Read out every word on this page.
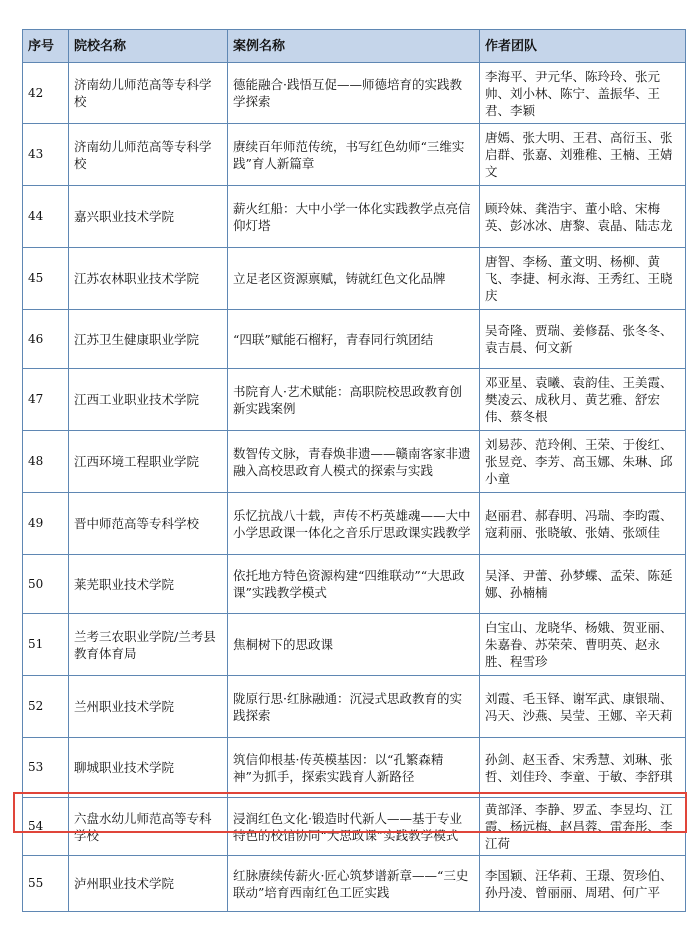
序号	院校名称	案例名称	作者团队
42	济南幼儿师范高等专科学校	德能融合·践悟互促——师德培育的实践教学探索	李海平、尹元华、陈玲玲、张元帅、刘小林、陈宁、盖振华、王君、李颖
43	济南幼儿师范高等专科学校	赓续百年师范传统，书写红色幼师“三维实践”育人新篇章	唐嫣、张大明、王君、高衍玉、张启群、张嘉、刘雅稚、王楠、王婧文
44	嘉兴职业技术学院	薪火红船：大中小学一体化实践教学点亮信仰灯塔	顾玲妹、龚浩宇、董小晗、宋梅英、彭冰冰、唐黎、袁晶、陆志龙
45	江苏农林职业技术学院	立足老区资源禀赋，铸就红色文化品牌	唐智、李杨、董文明、杨柳、黄飞、李捷、柯永海、王秀红、王晓庆
46	江苏卫生健康职业学院	“四联”赋能石榴籽，青春同行筑团结	吴奇隆、贾瑞、姜修磊、张冬冬、袁吉晨、何文新
47	江西工业职业技术学院	书院育人·艺术赋能：高职院校思政教育创新实践案例	邓亚星、袁曦、袁韵佳、王美霞、樊凌云、成秋月、黄艺雅、舒宏伟、蔡冬根
48	江西环境工程职业学院	数智传文脉，青春焕非遗——赣南客家非遗融入高校思政育人模式的探索与实践	刘易莎、范玲俐、王荣、于俊红、张昱竞、李芳、高玉娜、朱琳、邱小童
49	晋中师范高等专科学校	乐忆抗战八十载，声传不朽英雄魂——大中小学思政课一体化之音乐厅思政课实践教学	赵丽君、郝春明、冯瑞、李昀霞、寇莉丽、张晓敏、张婧、张颂佳
50	莱芜职业技术学院	依托地方特色资源构建“四维联动”“大思政课”实践教学模式	吴泽、尹蕾、孙梦蝶、孟荣、陈延娜、孙楠楠
51	兰考三农职业学院/兰考县教育体育局	焦桐树下的思政课	白宝山、龙晓华、杨娥、贺亚丽、朱嘉眷、苏荣荣、曹明英、赵永胜、程雪珍
52	兰州职业技术学院	陇原行思·红脉融通：沉浸式思政教育的实践探索	刘霞、毛玉铎、谢军武、康银瑞、冯天、沙燕、吴莹、王娜、辛天莉
53	聊城职业技术学院	筑信仰根基·传英模基因：以“孔繁森精神”为抓手，探索实践育人新路径	孙剑、赵玉香、宋秀慧、刘琳、张哲、刘佳玲、李童、于敏、李舒琪
54	六盘水幼儿师范高等专科学校	浸润红色文化·锻造时代新人——基于专业特色的校馆协同“大思政课”实践教学模式	黄部泽、李静、罗孟、李昱均、江霞、杨远梅、赵昌蓉、雷奔彤、李江荷
55	泸州职业技术学院	红脉赓续传薪火·匠心筑梦谱新章——“三史联动”培育西南红色工匠实践	李国颖、汪华莉、王璟、贺珍伯、孙丹凌、曾丽丽、周珺、何广平
